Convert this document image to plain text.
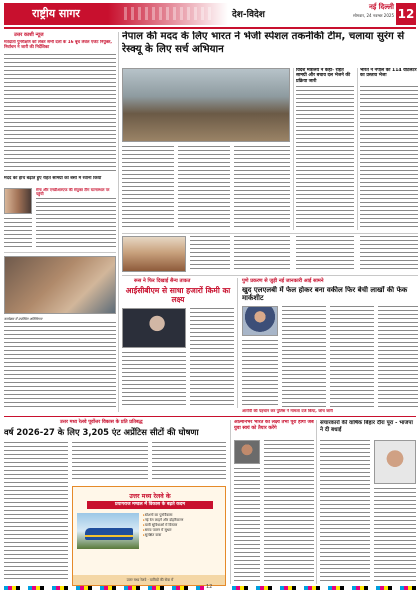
राष्ट्रीय सागर	देश-विदेश
नई दिल्ली
सोमवार, 24 नवम्बर 2025 12
उत्तर काशी न्यूज
मतदाता पुनरीक्षण को लेकर सभी दलों के 16 बूथ लेवल एजेंट नियुक्त, निर्वाचन ने जारी की निर्देशिका
मदद का हाथ बढ़ाते हुए राहत सामग्री को बसों में रवाना किया
सेना और एनडीआरएफ की संयुक्त टीम घटनास्थल पर पहुंची
कार्यक्रम में उपस्थित अतिथिगण
नेपाल की मदद के लिए भारत ने भेजी स्पेशल तकनीकी टीम, चलाया सुरंग से रेस्क्यू के लिए सर्च अभियान
विदेश मंत्रालय ने कहा- राहत सामग्री और बचाव दल भेजने की प्रक्रिया जारी
भारत ने नेपाल को 114 वेंटिलेटर का प्रस्ताव भेजा
रूस ने फिर दिखाई सैन्य ताकत
आईसीबीएम से साधा हजारों किमी का लक्ष्य
पुणे प्रकरण से जुड़ी नई जानकारी आई सामने
खुद एलएलबी में फेल होकर बना वकील फिर बेची लाखों की फेक मार्कशीट
आरोपी की पहचान कर पुलिस ने मामला दर्ज किया, जांच जारी
उत्तर मध्य रेलवे पूर्वोत्तर विकास के प्रति प्रतिबद्ध
वर्ष 2026-27 के लिए 3,205 एंट अप्रेंटिस सीटों की घोषणा
उत्तर मध्य रेलवे के
प्रयागराज मण्डल में विकास के बढ़ते कदम
▸ स्टेशनों का पुनर्विकास
▸ नई रेल लाइनें और दोहरीकरण
▸ यात्री सुविधाओं में विस्तार
▸ समय पालन में सुधार
▸ सुरक्षित यात्रा
उत्तर मध्य रेलवे · यात्रियों की सेवा में
आत्मनिर्भर भारत का लक्ष्य तभी पूरा होगा जब युवा स्वयं को तैयार करेंगे
संचारकारों की वार्षिक बिहार दौरा पूरा - भाजपा ने दी बधाई
12
